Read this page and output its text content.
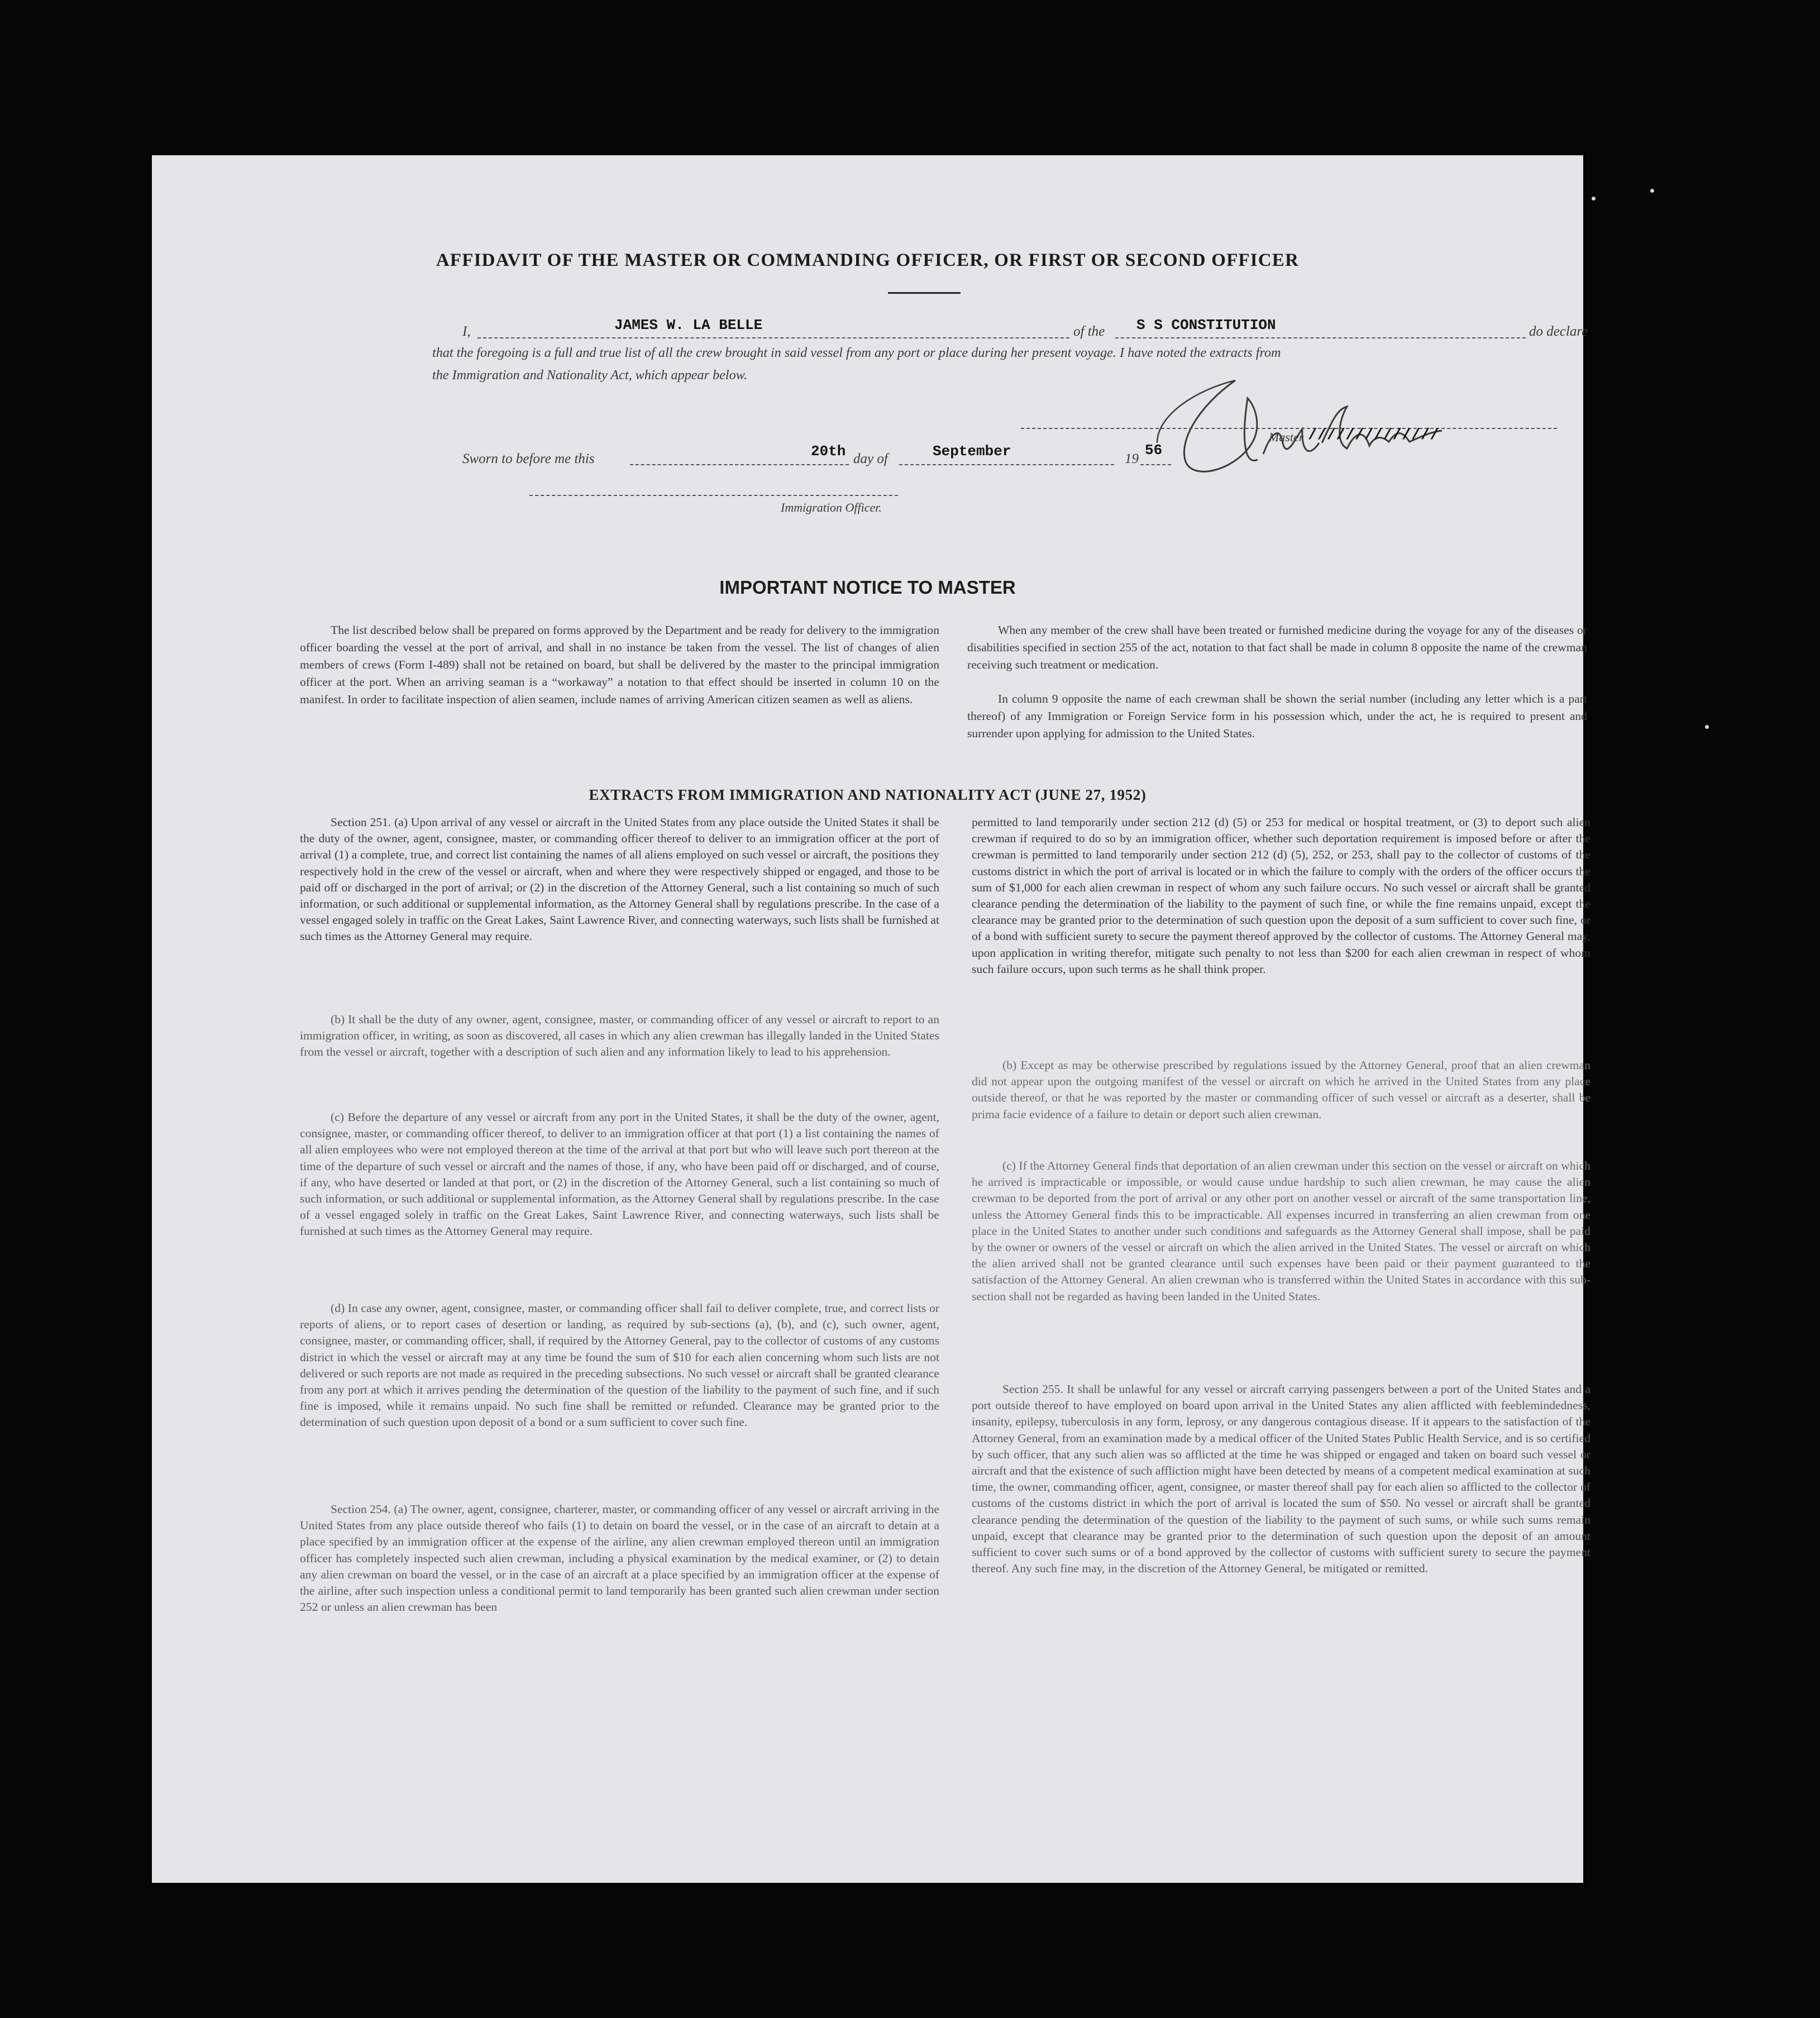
AFFIDAVIT OF THE MASTER OR COMMANDING OFFICER, OR FIRST OR SECOND OFFICER
I,	JAMES W. LA BELLE	of the S S CONSTITUTION	do declare
that the foregoing is a full and true list of all the crew brought in said vessel from any port or place during her present voyage. I have noted the extracts from
the Immigration and Nationality Act, which appear below.
Sworn to before me this	20th day of	September	19
56
Master //////////////
Immigration Officer.
IMPORTANT NOTICE TO MASTER

The list described below shall be prepared on forms approved by the Department and be ready for delivery to the immigration officer boarding the vessel at the port of arrival, and shall in no instance be taken from the vessel. The list of changes of alien members of crews (Form I-489) shall not be retained on board, but shall be delivered by the master to the principal immigration officer at the port. When an arriving seaman is a “workaway” a notation to that effect should be inserted in column 10 on the manifest. In order to facilitate inspection of alien seamen, include names of arriving American citizen seamen as well as aliens.

When any member of the crew shall have been treated or furnished medicine during the voyage for any of the diseases or disabilities specified in section 255 of the act, notation to that fact shall be made in column 8 opposite the name of the crewman receiving such treatment or medication.

In column 9 opposite the name of each crewman shall be shown the serial number (including any letter which is a part thereof) of any Immigration or Foreign Service form in his possession which, under the act, he is required to present and surrender upon applying for admission to the United States.

EXTRACTS FROM IMMIGRATION AND NATIONALITY ACT (JUNE 27, 1952)

Section 251. (a) Upon arrival of any vessel or aircraft in the United States from any place outside the United States it shall be the duty of the owner, agent, consignee, master, or commanding officer thereof to deliver to an immigration officer at the port of arrival (1) a complete, true, and correct list containing the names of all aliens employed on such vessel or aircraft, the positions they respectively hold in the crew of the vessel or aircraft, when and where they were respectively shipped or engaged, and those to be paid off or discharged in the port of arrival; or (2) in the discretion of the Attorney General, such a list containing so much of such information, or such additional or supplemental information, as the Attorney General shall by regulations prescribe. In the case of a vessel engaged solely in traffic on the Great Lakes, Saint Lawrence River, and connecting waterways, such lists shall be furnished at such times as the Attorney General may require.

(b) It shall be the duty of any owner, agent, consignee, master, or commanding officer of any vessel or aircraft to report to an immigration officer, in writing, as soon as discovered, all cases in which any alien crewman has illegally landed in the United States from the vessel or aircraft, together with a description of such alien and any information likely to lead to his apprehension.

(c) Before the departure of any vessel or aircraft from any port in the United States, it shall be the duty of the owner, agent, consignee, master, or commanding officer thereof, to deliver to an immigration officer at that port (1) a list containing the names of all alien employees who were not employed thereon at the time of the arrival at that port but who will leave such port thereon at the time of the departure of such vessel or aircraft and the names of those, if any, who have been paid off or discharged, and of course, if any, who have deserted or landed at that port, or (2) in the discretion of the Attorney General, such a list containing so much of such information, or such additional or supplemental information, as the Attorney General shall by regulations prescribe. In the case of a vessel engaged solely in traffic on the Great Lakes, Saint Lawrence River, and connecting waterways, such lists shall be furnished at such times as the Attorney General may require.

(d) In case any owner, agent, consignee, master, or commanding officer shall fail to deliver complete, true, and correct lists or reports of aliens, or to report cases of desertion or landing, as required by sub-sections (a), (b), and (c), such owner, agent, consignee, master, or commanding officer, shall, if required by the Attorney General, pay to the collector of customs of any customs district in which the vessel or aircraft may at any time be found the sum of $10 for each alien concerning whom such lists are not delivered or such reports are not made as required in the preceding subsections. No such vessel or aircraft shall be granted clearance from any port at which it arrives pending the determination of the question of the liability to the payment of such fine, and if such fine is imposed, while it remains unpaid. No such fine shall be remitted or refunded. Clearance may be granted prior to the determination of such question upon deposit of a bond or a sum sufficient to cover such fine.

Section 254. (a) The owner, agent, consignee, charterer, master, or commanding officer of any vessel or aircraft arriving in the United States from any place outside thereof who fails (1) to detain on board the vessel, or in the case of an aircraft to detain at a place specified by an immigration officer at the expense of the airline, any alien crewman employed thereon until an immigration officer has completely inspected such alien crewman, including a physical examination by the medical examiner, or (2) to detain any alien crewman on board the vessel, or in the case of an aircraft at a place specified by an immigration officer at the expense of the airline, after such inspection unless a conditional permit to land temporarily has been granted such alien crewman under section 252 or unless an alien crewman has been

permitted to land temporarily under section 212 (d) (5) or 253 for medical or hospital treatment, or (3) to deport such alien crewman if required to do so by an immigration officer, whether such deportation requirement is imposed before or after the crewman is permitted to land temporarily under section 212 (d) (5), 252, or 253, shall pay to the collector of customs of the customs district in which the port of arrival is located or in which the failure to comply with the orders of the officer occurs the sum of $1,000 for each alien crewman in respect of whom any such failure occurs. No such vessel or aircraft shall be granted clearance pending the determination of the liability to the payment of such fine, or while the fine remains unpaid, except the clearance may be granted prior to the determination of such question upon the deposit of a sum sufficient to cover such fine, or of a bond with sufficient surety to secure the payment thereof approved by the collector of customs. The Attorney General may, upon application in writing therefor, mitigate such penalty to not less than $200 for each alien crewman in respect of whom such failure occurs, upon such terms as he shall think proper.

(b) Except as may be otherwise prescribed by regulations issued by the Attorney General, proof that an alien crewman did not appear upon the outgoing manifest of the vessel or aircraft on which he arrived in the United States from any place outside thereof, or that he was reported by the master or commanding officer of such vessel or aircraft as a deserter, shall be prima facie evidence of a failure to detain or deport such alien crewman.

(c) If the Attorney General finds that deportation of an alien crewman under this section on the vessel or aircraft on which he arrived is impracticable or impossible, or would cause undue hardship to such alien crewman, he may cause the alien crewman to be deported from the port of arrival or any other port on another vessel or aircraft of the same transportation line, unless the Attorney General finds this to be impracticable. All expenses incurred in transferring an alien crewman from one place in the United States to another under such conditions and safeguards as the Attorney General shall impose, shall be paid by the owner or owners of the vessel or aircraft on which the alien arrived in the United States. The vessel or aircraft on which the alien arrived shall not be granted clearance until such expenses have been paid or their payment guaranteed to the satisfaction of the Attorney General. An alien crewman who is transferred within the United States in accordance with this sub-section shall not be regarded as having been landed in the United States.

Section 255. It shall be unlawful for any vessel or aircraft carrying passengers between a port of the United States and a port outside thereof to have employed on board upon arrival in the United States any alien afflicted with feeblemindedness, insanity, epilepsy, tuberculosis in any form, leprosy, or any dangerous contagious disease. If it appears to the satisfaction of the Attorney General, from an examination made by a medical officer of the United States Public Health Service, and is so certified by such officer, that any such alien was so afflicted at the time he was shipped or engaged and taken on board such vessel or aircraft and that the existence of such affliction might have been detected by means of a competent medical examination at such time, the owner, commanding officer, agent, consignee, or master thereof shall pay for each alien so afflicted to the collector of customs of the customs district in which the port of arrival is located the sum of $50. No vessel or aircraft shall be granted clearance pending the determination of the question of the liability to the payment of such sums, or while such sums remain unpaid, except that clearance may be granted prior to the determination of such question upon the deposit of an amount sufficient to cover such sums or of a bond approved by the collector of customs with sufficient surety to secure the payment thereof. Any such fine may, in the discretion of the Attorney General, be mitigated or remitted.
